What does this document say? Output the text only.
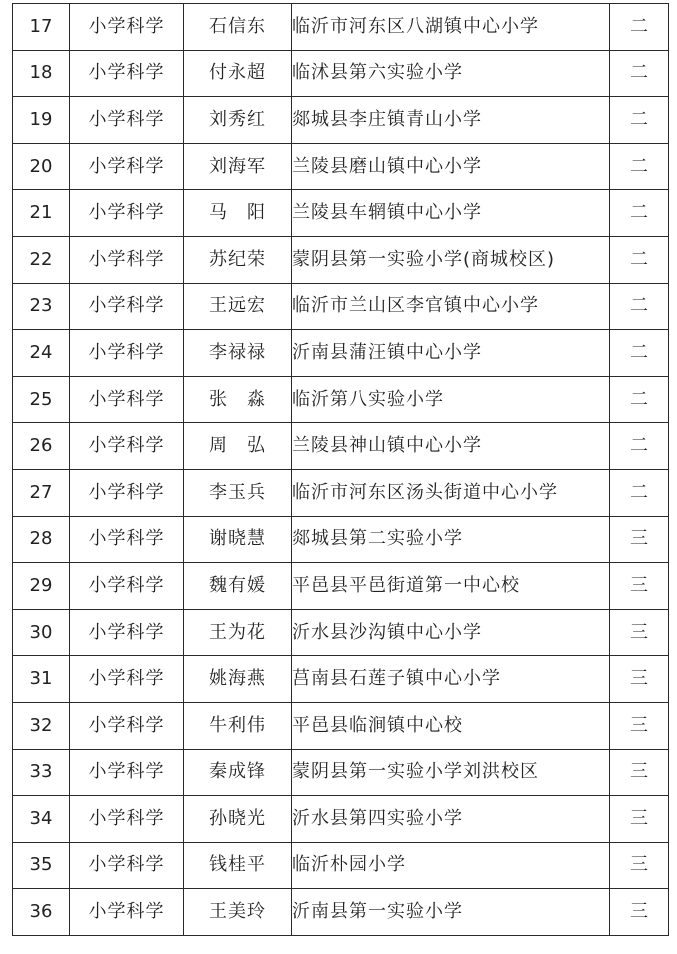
17	小学科学	石信东	临沂市河东区八湖镇中心小学	二
18	小学科学	付永超	临沭县第六实验小学	二
19	小学科学	刘秀红	郯城县李庄镇青山小学	二
20	小学科学	刘海军	兰陵县磨山镇中心小学	二
21	小学科学	马　阳	兰陵县车辋镇中心小学	二
22	小学科学	苏纪荣	蒙阴县第一实验小学(商城校区)	二
23	小学科学	王远宏	临沂市兰山区李官镇中心小学	二
24	小学科学	李禄禄	沂南县蒲汪镇中心小学	二
25	小学科学	张　淼	临沂第八实验小学	二
26	小学科学	周　弘	兰陵县神山镇中心小学	二
27	小学科学	李玉兵	临沂市河东区汤头街道中心小学	二
28	小学科学	谢晓慧	郯城县第二实验小学	三
29	小学科学	魏有媛	平邑县平邑街道第一中心校	三
30	小学科学	王为花	沂水县沙沟镇中心小学	三
31	小学科学	姚海燕	莒南县石莲子镇中心小学	三
32	小学科学	牛利伟	平邑县临涧镇中心校	三
33	小学科学	秦成锋	蒙阴县第一实验小学刘洪校区	三
34	小学科学	孙晓光	沂水县第四实验小学	三
35	小学科学	钱桂平	临沂朴园小学	三
36	小学科学	王美玲	沂南县第一实验小学	三
